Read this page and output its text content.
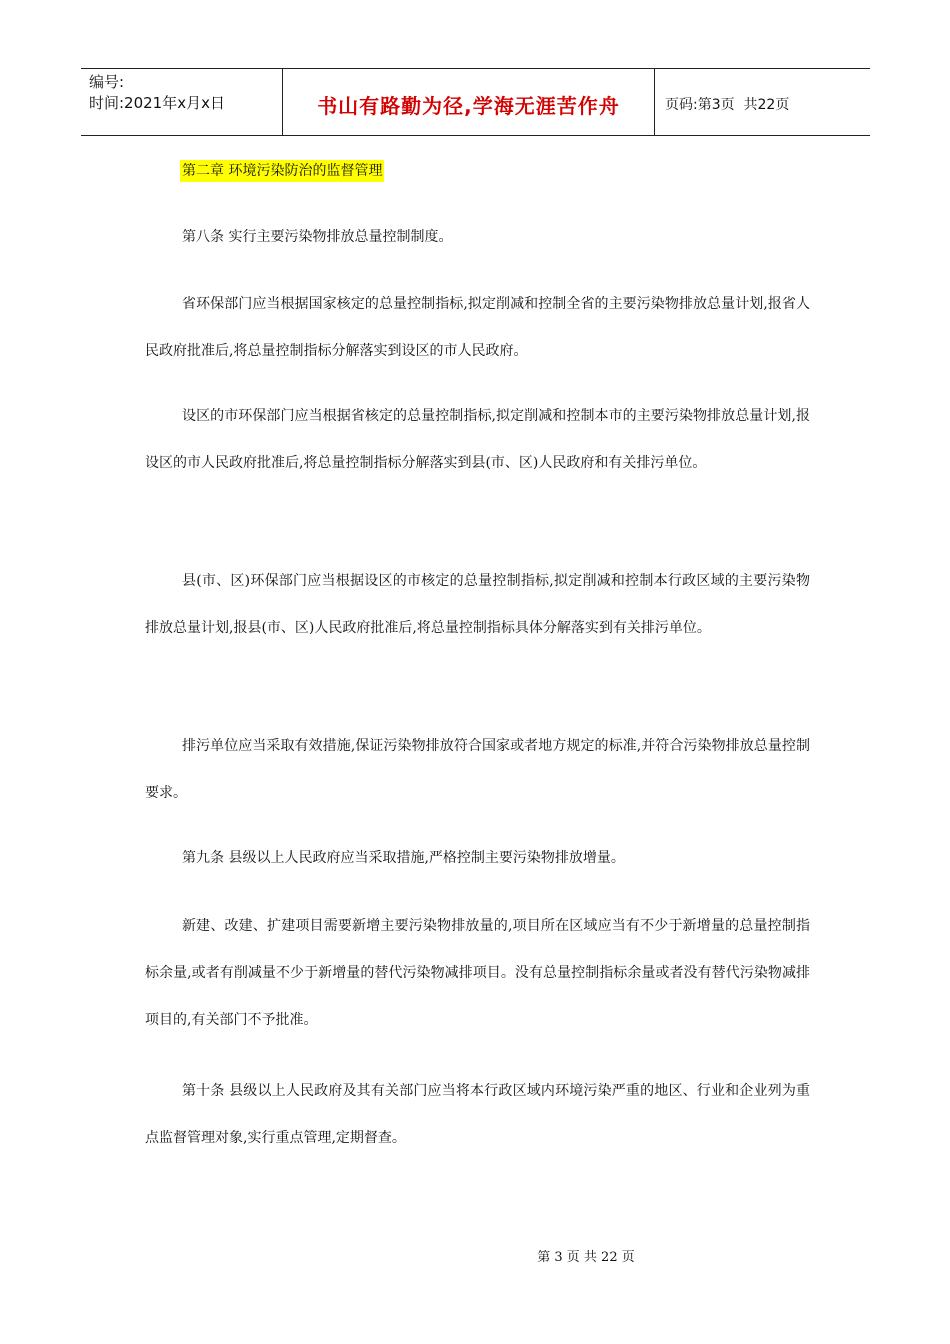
编号:
时间:2021年x月x日	书山有路勤为径,学海无涯苦作舟	页码:第3页  共22页
第二章 环境污染防治的监督管理

第八条 实行主要污染物排放总量控制制度。

省环保部门应当根据国家核定的总量控制指标,拟定削减和控制全省的主要污染物排放总量计划,报省人民政府批准后,将总量控制指标分解落实到设区的市人民政府。

设区的市环保部门应当根据省核定的总量控制指标,拟定削减和控制本市的主要污染物排放总量计划,报设区的市人民政府批准后,将总量控制指标分解落实到县(市、区)人民政府和有关排污单位。

县(市、区)环保部门应当根据设区的市核定的总量控制指标,拟定削减和控制本行政区域的主要污染物排放总量计划,报县(市、区)人民政府批准后,将总量控制指标具体分解落实到有关排污单位。

排污单位应当采取有效措施,保证污染物排放符合国家或者地方规定的标准,并符合污染物排放总量控制要求。

第九条 县级以上人民政府应当采取措施,严格控制主要污染物排放增量。

新建、改建、扩建项目需要新增主要污染物排放量的,项目所在区域应当有不少于新增量的总量控制指标余量,或者有削减量不少于新增量的替代污染物减排项目。没有总量控制指标余量或者没有替代污染物减排项目的,有关部门不予批准。

第十条 县级以上人民政府及其有关部门应当将本行政区域内环境污染严重的地区、行业和企业列为重点监督管理对象,实行重点管理,定期督查。

第 3 页 共 22 页
